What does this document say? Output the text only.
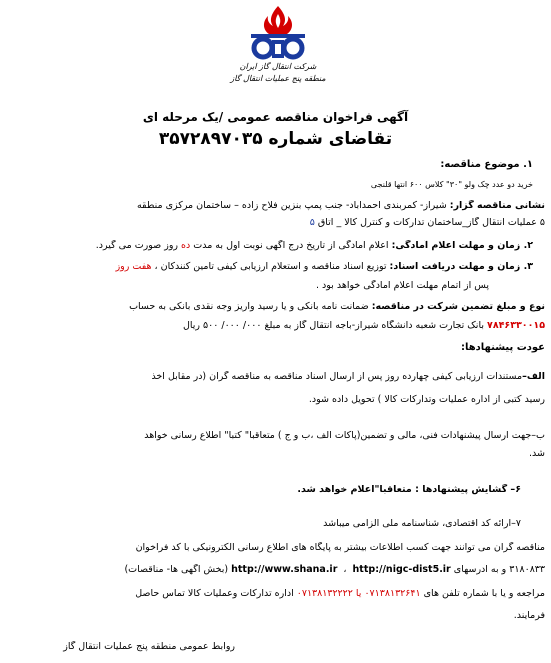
شرکت انتقال گاز ایران
منطقه پنج عملیات انتقال گاز
آگهی فراخوان مناقصه عمومی /یک مرحله ای
تقاضای شماره ۳۵۷۲۸۹۷۰۳۵
۱. موضوع مناقصه:
خرید دو عدد چک ولو "۳۰" کلاس ۶۰۰ انتها قلنجی
نشانی مناقصه گزار: شیراز- کمربندی احمدآباد- جنب پمپ بنزین فلاح زاده – ساختمان مرکزی منطقه
۵ عملیات انتقال گاز_ساختمان تدارکات و کنترل کالا _ اتاق ۵
۲. زمان و مهلت اعلام آمادگی: اعلام آمادگی از تاریخ درج آگهی نوبت اول به مدت ده روز صورت می گیرد.
۳. زمان و مهلت دریافت اسناد: توزیع اسناد مناقصه و استعلام ارزیابی کیفی تامین کنندکان ، هفت روز
پس از اتمام مهلت اعلام آمادگی خواهد بود .
نوع و مبلغ تضمین شرکت در مناقصه: ضمانت نامه بانکی و یا رسید واریز وجه نقدی بانکی به حساب
۷۸۴۶۳۳۰۰۱۵ بانک تجارت شعبه دانشگاه شیراز-باجه انتقال گاز به مبلغ ۰۰۰/ ۰۰۰/ ۵۰۰ ریال
عودت پیشنهادها:
الف–مستندات ارزیابی کیفی چهارده روز پس از ارسال اسناد مناقصه به مناقصه گران (در مقابل اخذ
رسید کتبی از اداره عملیات وتدارکات کالا ) تحویل داده شود.
ب–جهت ارسال پیشنهادات فنی، مالی و تضمین(پاکات الف ،ب و ج ) متعاقبا" کتبا" اطلاع رسانی خواهد
شد.
۶– گشایش پیشنهادها : متعاقبا"اعلام خواهد شد.
۷–ارائه کد اقتصادی، شناسنامه ملی الزامی میباشد
مناقصه گران می توانند جهت کسب اطلاعات بیشتر به پایگاه های اطلاع رسانی الکترونیکی با کد فراخوان
۳۱۸۰۸۳۳ و به آدرسهای http://www.shana.ir  ،  http://nigc-dist5.ir (بخش آگهی ها- مناقصات)
مراجعه و یا با شماره تلفن های ۰۷۱۳۸۱۳۲۶۴۱ یا ۰۷۱۳۸۱۳۲۲۲۲ اداره تدارکات وعملیات کالا تماس حاصل
فرمایند.
روابط عمومی منطقه پنج عملیات انتقال گاز
